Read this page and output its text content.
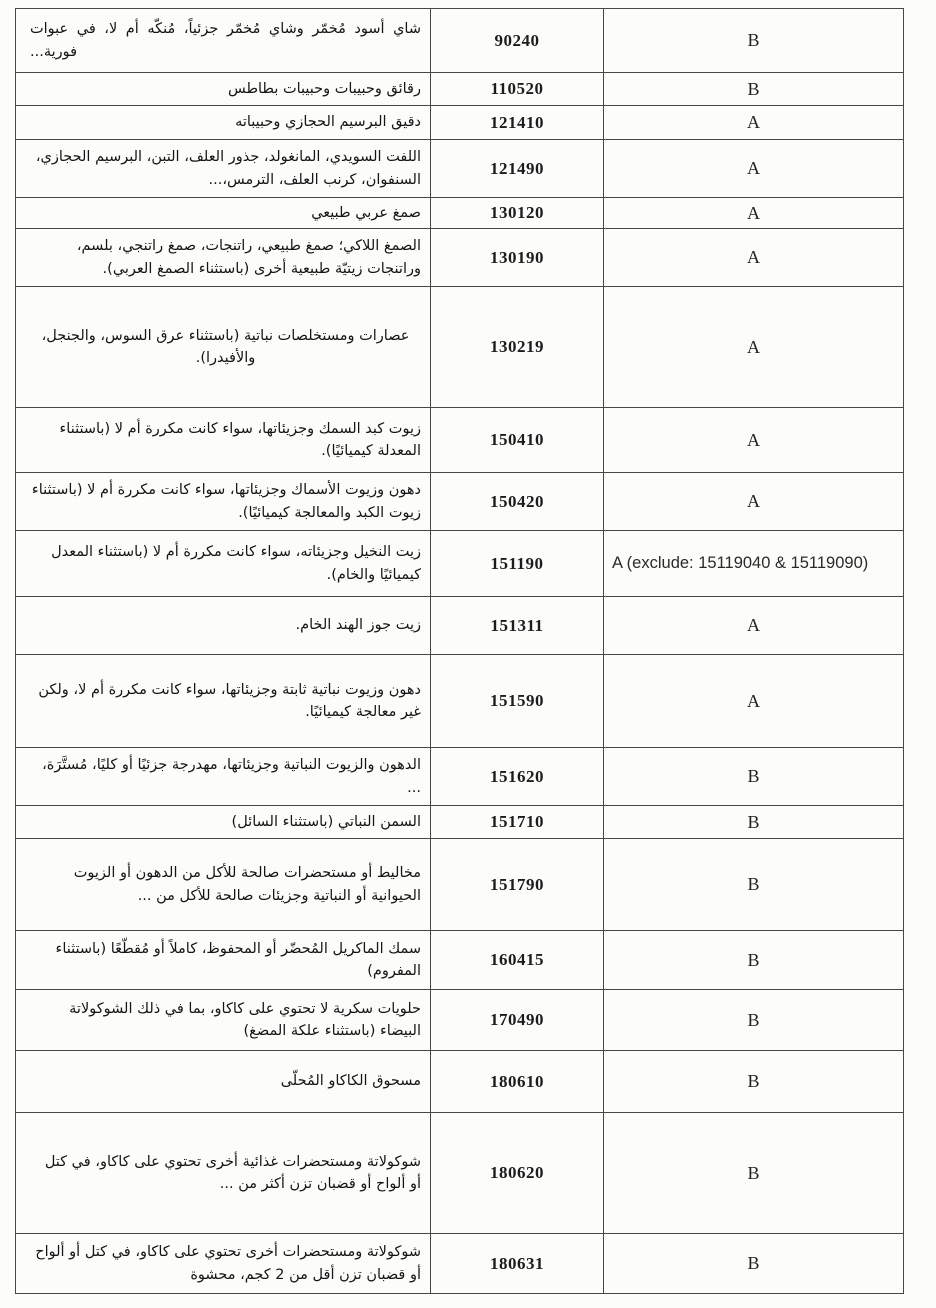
شاي أسود مُخمّر وشاي مُخمّر جزئياً، مُنكّه أم لا، في عبوات فورية...	90240	B
رقائق وحبيبات وحبيبات بطاطس	110520	B
دقيق البرسيم الحجازي وحبيباته	121410	A
اللفت السويدي، المانغولد، جذور العلف، التبن، البرسيم الحجازي، السنفوان، كرنب العلف، الترمس،...	121490	A
صمغ عربي طبيعي	130120	A
الصمغ اللاكي؛ صمغ طبيعي، راتنجات، صمغ راتنجي، بلسم، وراتنجات زيتيّة طبيعية أخرى (باستثناء الصمغ العربي).	130190	A
عصارات ومستخلصات نباتية (باستثناء عرق السوس، والجنجل، والأفيدرا).	130219	A
زيوت كبد السمك وجزيئاتها، سواء كانت مكررة أم لا (باستثناء المعدلة كيميائيًا).	150410	A
دهون وزيوت الأسماك وجزيئاتها، سواء كانت مكررة أم لا (باستثناء زيوت الكبد والمعالجة كيميائيًا).	150420	A
زيت النخيل وجزيئاته، سواء كانت مكررة أم لا (باستثناء المعدل كيميائيًا والخام).	151190	A (exclude: 15119040 & 15119090)
زيت جوز الهند الخام.	151311	A
دهون وزيوت نباتية ثابتة وجزيئاتها، سواء كانت مكررة أم لا، ولكن غير معالجة كيميائيًا.	151590	A
الدهون والزيوت النباتية وجزيئاتها، مهدرجة جزئيًا أو كليًا، مُستَّرَة، ...	151620	B
السمن النباتي (باستثناء السائل)	151710	B
مخاليط أو مستحضرات صالحة للأكل من الدهون أو الزيوت الحيوانية أو النباتية وجزيئات صالحة للأكل من ...	151790	B
سمك الماكريل المُحضّر أو المحفوظ، كاملاً أو مُقطّعًا (باستثناء المفروم)	160415	B
حلويات سكرية لا تحتوي على كاكاو، بما في ذلك الشوكولاتة البيضاء (باستثناء علكة المضغ)	170490	B
مسحوق الكاكاو المُحلّى	180610	B
شوكولاتة ومستحضرات غذائية أخرى تحتوي على كاكاو، في كتل أو ألواح أو قضبان تزن أكثر من ...	180620	B
شوكولاتة ومستحضرات أخرى تحتوي على كاكاو، في كتل أو ألواح أو قضبان تزن أقل من 2 كجم، محشوة	180631	B
